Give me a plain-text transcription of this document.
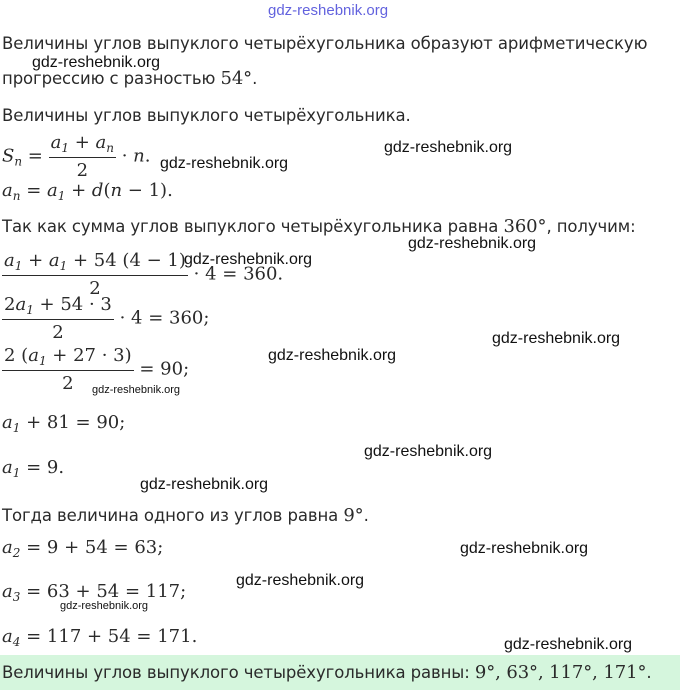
gdz-reshebnik.org
Величины углов выпуклого четырёхугольника образуют арифметическую
прогрессию с разностью 54°.
gdz-reshebnik.org
Величины углов выпуклого четырёхугольника.
$S_n = \frac{a_1 + a_n}{2} \cdot n$. gdz-reshebnik.org
gdz-reshebnik.org
$a_n = a_1 + d(n - 1)$.
Так как сумма углов выпуклого четырёхугольника равна 360°, получим:
gdz-reshebnik.org
$\frac{a_1 + a_1 + 54 (4 - 1)}{2} \cdot 4 = 360$.
gdz-reshebnik.org
$\frac{2a_1 + 54 \cdot 3}{2} \cdot 4 = 360$;
gdz-reshebnik.org
gdz-reshebnik.org
$\frac{2 (a_1 + 27 \cdot 3)}{2} = 90$;
gdz-reshebnik.org
$a_1 + 81 = 90$;
gdz-reshebnik.org
$a_1 = 9$.
gdz-reshebnik.org
Тогда величина одного из углов равна 9°.
$a_2 = 9 + 54 = 63$;	gdz-reshebnik.org
gdz-reshebnik.org
$a_3 = 63 + 54 = 117$;
gdz-reshebnik.org
$a_4 = 117 + 54 = 171$.	gdz-reshebnik.org
Величины углов выпуклого четырёхугольника равны: 9°, 63°, 117°, 171°.
